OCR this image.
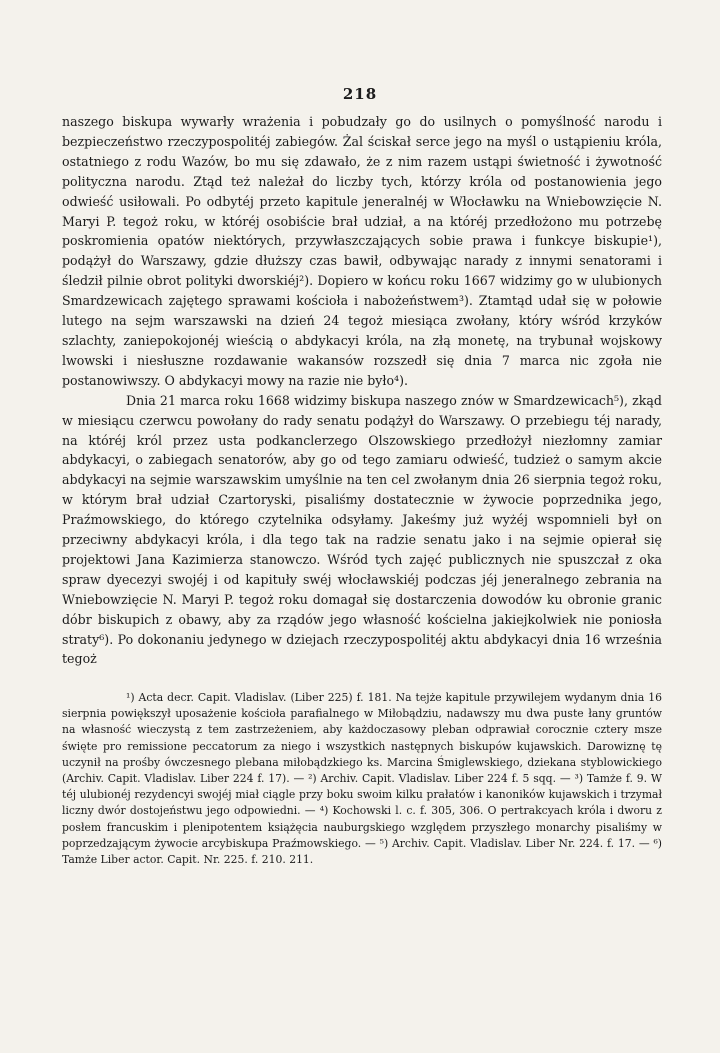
218

naszego biskupa wywarły wrażenia i pobudzały go do usilnych o pomyślność narodu i bezpieczeństwo rzeczypospolitéj zabiegów. Żal ściskał serce jego na myśl o ustąpieniu króla, ostatniego z rodu Wazów, bo mu się zdawało, że z nim razem ustąpi świetność i żywotność polityczna narodu. Ztąd też należał do liczby tych, którzy króla od postanowienia jego odwieść usiłowali. Po odbytéj przeto kapitule jeneralnéj w Włocławku na Wniebowzięcie N. Maryi P. tegoż roku, w któréj osobiście brał udział, a na któréj przedłożono mu potrzebę poskromienia opatów niektórych, przywłaszczających sobie prawa i funkcye biskupie¹), podążył do Warszawy, gdzie dłuższy czas bawił, odbywając narady z innymi senatorami i śledził pilnie obrot polityki dworskiéj²). Dopiero w końcu roku 1667 widzimy go w ulubionych Smardzewicach zajętego sprawami kościoła i nabożeństwem³). Ztamtąd udał się w połowie lutego na sejm warszawski na dzień 24 tegoż miesiąca zwołany, który wśród krzyków szlachty, zaniepokojonéj wieścią o abdykacyi króla, na złą monetę, na trybunał wojskowy lwowski i niesłuszne rozdawanie wakansów rozszedł się dnia 7 marca nic zgoła nie postanowiwszy. O abdykacyi mowy na razie nie było⁴).

Dnia 21 marca roku 1668 widzimy biskupa naszego znów w Smardzewicach⁵), zkąd w miesiącu czerwcu powołany do rady senatu podążył do Warszawy. O przebiegu téj narady, na któréj król przez usta podkanclerzego Olszowskiego przedłożył niezłomny zamiar abdykacyi, o zabiegach senatorów, aby go od tego zamiaru odwieść, tudzież o samym akcie abdykacyi na sejmie warszawskim umyślnie na ten cel zwołanym dnia 26 sierpnia tegoż roku, w którym brał udział Czartoryski, pisaliśmy dostatecznie w żywocie poprzednika jego, Praźmowskiego, do którego czytelnika odsyłamy. Jakeśmy już wyżéj wspomnieli był on przeciwny abdykacyi króla, i dla tego tak na radzie senatu jako i na sejmie opierał się projektowi Jana Kazimierza stanowczo. Wśród tych zajęć publicznych nie spuszczał z oka spraw dyecezyi swojéj i od kapituły swéj włocławskiéj podczas jéj jeneralnego zebrania na Wniebowzięcie N. Maryi P. tegoż roku domagał się dostarczenia dowodów ku obronie granic dóbr biskupich z obawy, aby za rządów jego własność kościelna jakiejkolwiek nie poniosła straty⁶). Po dokonaniu jedynego w dziejach rzeczypospolitéj aktu abdykacyi dnia 16 września tegoż

¹) Acta decr. Capit. Vladislav. (Liber 225) f. 181. Na tejże kapitule przywilejem wydanym dnia 16 sierpnia powiększył uposażenie kościoła parafialnego w Miłobądziu, nadawszy mu dwa puste łany gruntów na własność wieczystą z tem zastrzeżeniem, aby każdoczasowy pleban odprawiał corocznie cztery msze święte pro remissione peccatorum za niego i wszystkich następnych biskupów kujawskich. Darowiznę tę uczynił na prośby ówczesnego plebana miłobądzkiego ks. Marcina Śmiglewskiego, dziekana styblowickiego (Archiv. Capit. Vladislav. Liber 224 f. 17). — ²) Archiv. Capit. Vladislav. Liber 224 f. 5 sqq. — ³) Tamże f. 9. W téj ulubionéj rezydencyi swojéj miał ciągle przy boku swoim kilku prałatów i kanoników kujawskich i trzymał liczny dwór dostojeństwu jego odpowiedni. — ⁴) Kochowski l. c. f. 305, 306. O pertrakcyach króla i dworu z posłem francuskim i plenipotentem książęcia nauburgskiego względem przyszłego monarchy pisaliśmy w poprzedzającym żywocie arcybiskupa Praźmowskiego. — ⁵) Archiv. Capit. Vladislav. Liber Nr. 224. f. 17. — ⁶) Tamże Liber actor. Capit. Nr. 225. f. 210. 211.
